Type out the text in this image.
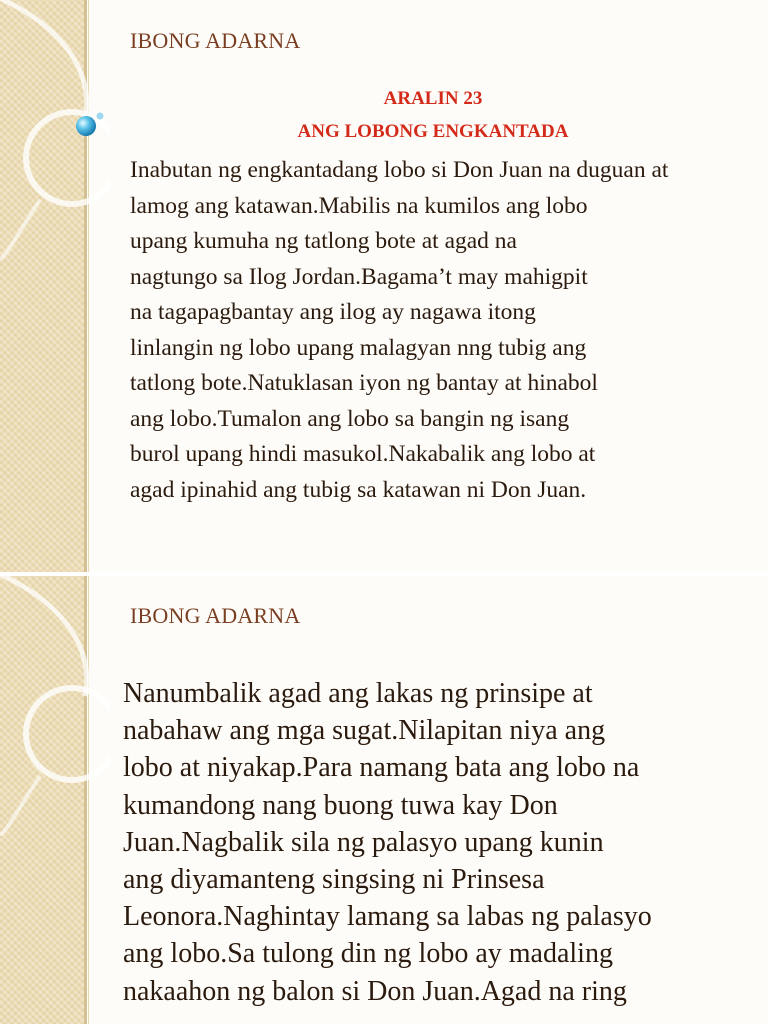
IBONG ADARNA
ARALIN 23
ANG LOBONG ENGKANTADA

Inabutan ng engkantadang lobo si Don Juan na duguan at
lamog ang katawan.Mabilis na kumilos ang lobo
upang kumuha ng tatlong bote at agad na
nagtungo sa Ilog Jordan.Bagama’t may mahigpit
na tagapagbantay ang ilog ay nagawa itong
linlangin ng lobo upang malagyan nng tubig ang
tatlong bote.Natuklasan iyon ng bantay at hinabol
ang lobo.Tumalon ang lobo sa bangin ng isang
burol upang hindi masukol.Nakabalik ang lobo at
agad ipinahid ang tubig sa katawan ni Don Juan.

IBONG ADARNA

Nanumbalik agad ang lakas ng prinsipe at
nabahaw ang mga sugat.Nilapitan niya ang
lobo at niyakap.Para namang bata ang lobo na
kumandong nang buong tuwa kay Don
Juan.Nagbalik sila ng palasyo upang kunin
ang diyamanteng singsing ni Prinsesa
Leonora.Naghintay lamang sa labas ng palasyo
ang lobo.Sa tulong din ng lobo ay madaling
nakaahon ng balon si Don Juan.Agad na ring
